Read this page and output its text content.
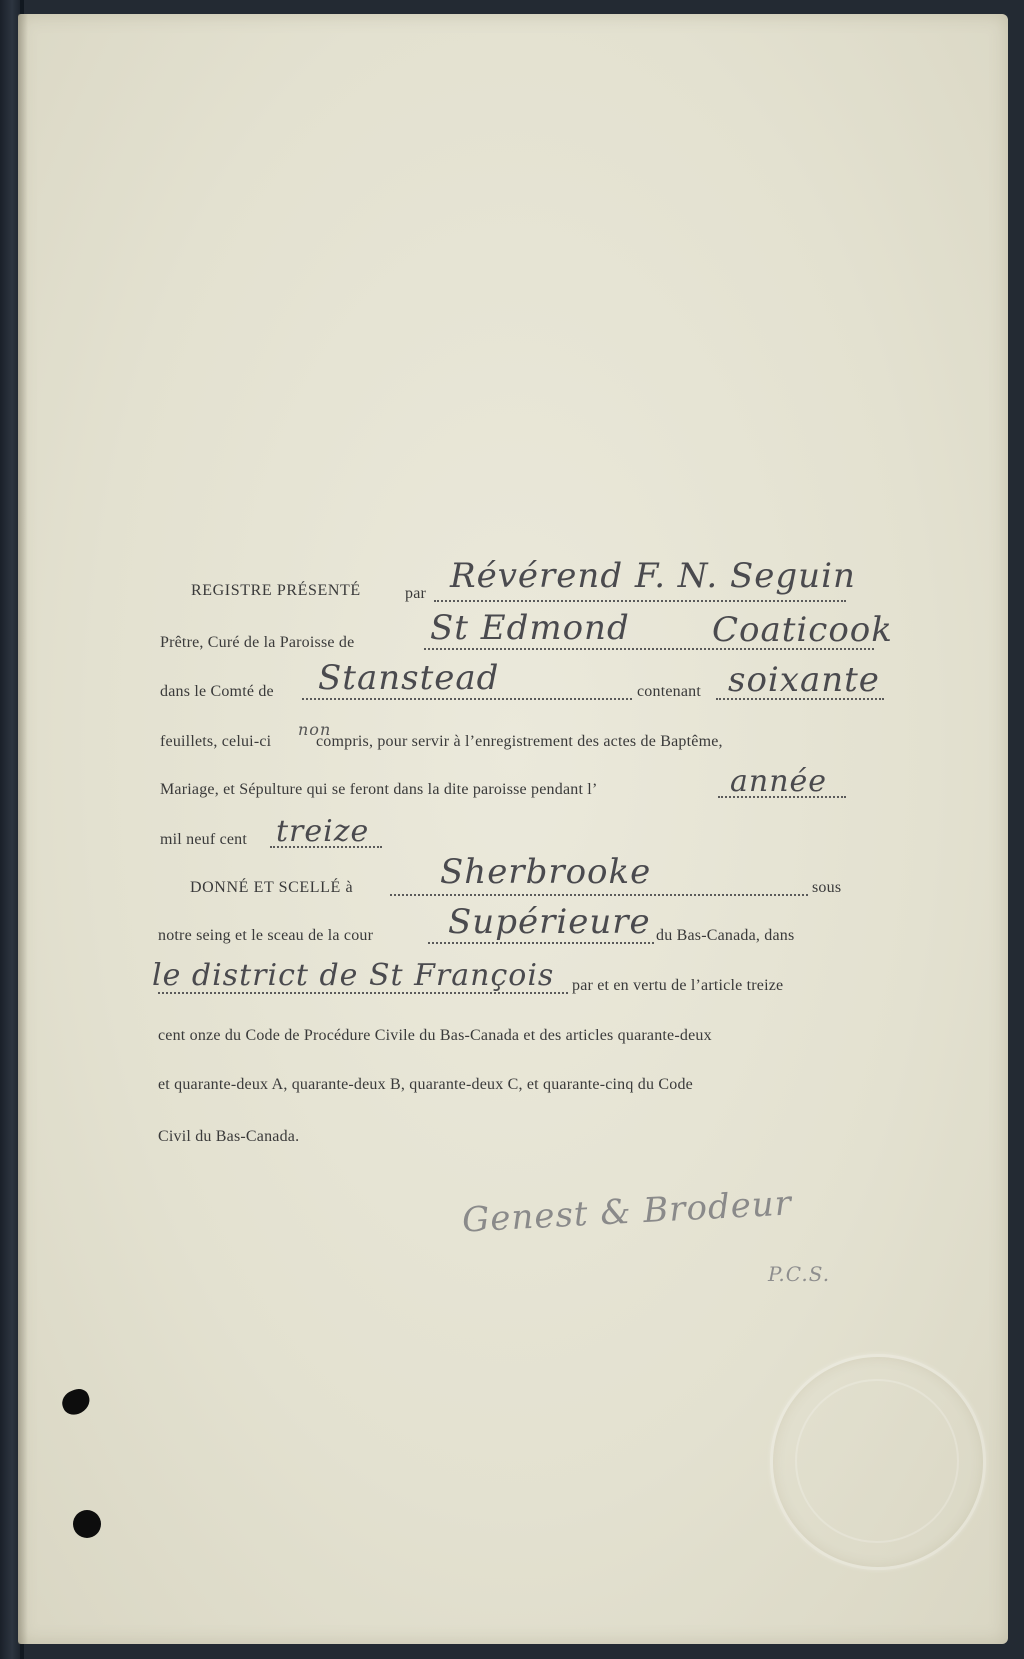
REGISTRE PRÉSENTÉ	par Révérend F. N. Seguin
Prêtre, Curé de la Paroisse de St Edmond Coaticook
dans le Comté de Stanstead	contenant soixante
feuillets, celui-ci
non
compris, pour servir à l’enregistrement des actes de Baptême,
Mariage, et Sépulture qui se feront dans la dite paroisse pendant l’	année
mil neuf cent treize
DONNÉ ET SCELLÉ à	Sherbrooke	sous
notre seing et le sceau de la cour Supérieure du Bas-Canada, dans
le district de St François par et en vertu de l’article treize
cent onze du Code de Procédure Civile du Bas-Canada et des articles quarante-deux
et quarante-deux A, quarante-deux B, quarante-deux C, et quarante-cinq du Code
Civil du Bas-Canada.
Genest & Brodeur
P.C.S.
